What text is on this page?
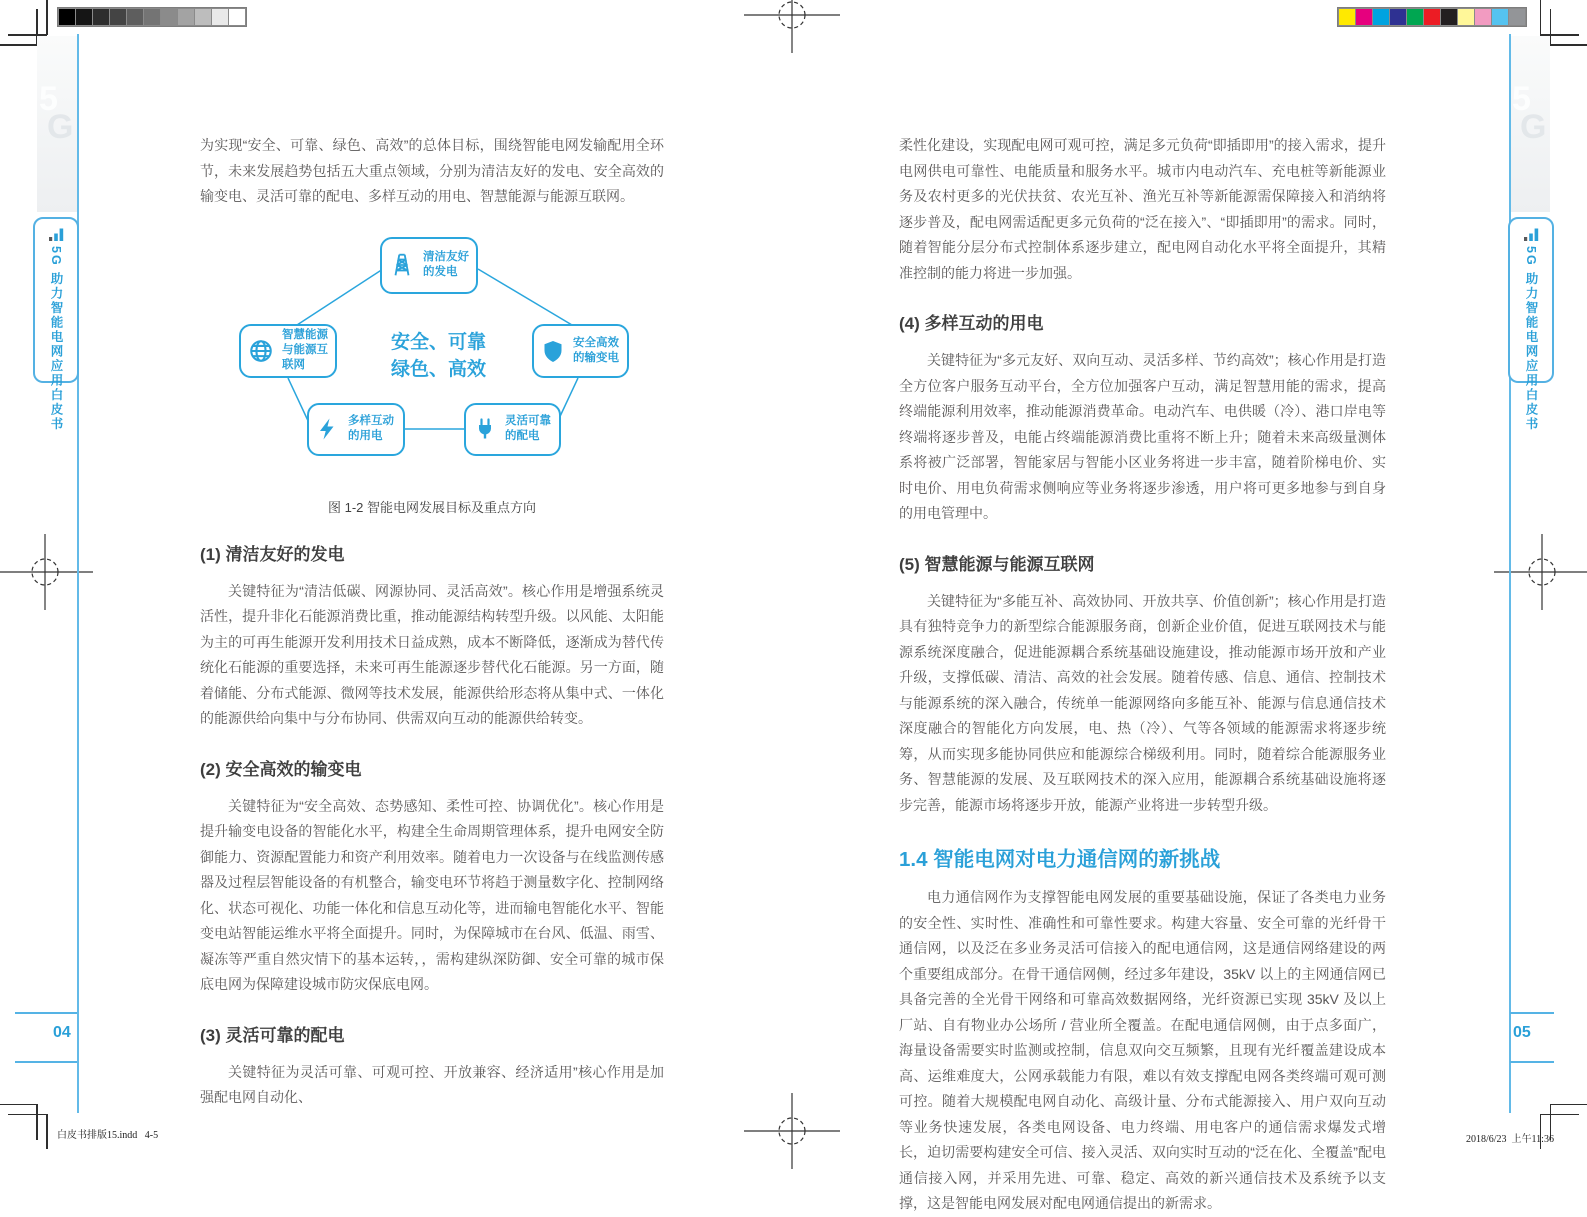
5
G
5
G
5G 助力智能电网应用白皮书	5G 助力智能电网应用白皮书
04	05
白皮书排版15.indd   4-5	2018/6/23  上午11:36

为实现“安全、可靠、绿色、高效”的总体目标，围绕智能电网发输配用全环节，未来发展趋势包括五大重点领域，分别为清洁友好的发电、安全高效的输变电、灵活可靠的配电、多样互动的用电、智慧能源与能源互联网。

清洁友好的发电
智慧能源与能源互联网
安全高效的输变电
多样互动的用电
灵活可靠的配电
安全、可靠
绿色、高效
图 1-2 智能电网发展目标及重点方向
(1) 清洁友好的发电

关键特征为“清洁低碳、网源协同、灵活高效”。核心作用是增强系统灵活性，提升非化石能源消费比重，推动能源结构转型升级。以风能、太阳能为主的可再生能源开发利用技术日益成熟，成本不断降低，逐渐成为替代传统化石能源的重要选择，未来可再生能源逐步替代化石能源。另一方面，随着储能、分布式能源、微网等技术发展，能源供给形态将从集中式、一体化的能源供给向集中与分布协同、供需双向互动的能源供给转变。

(2) 安全高效的输变电

关键特征为“安全高效、态势感知、柔性可控、协调优化”。核心作用是提升输变电设备的智能化水平，构建全生命周期管理体系，提升电网安全防御能力、资源配置能力和资产利用效率。随着电力一次设备与在线监测传感器及过程层智能设备的有机整合，输变电环节将趋于测量数字化、控制网络化、状态可视化、功能一体化和信息互动化等，进而输电智能化水平、智能变电站智能运维水平将全面提升。同时，为保障城市在台风、低温、雨雪、凝冻等严重自然灾情下的基本运转，，需构建纵深防御、安全可靠的城市保底电网为保障建设城市防灾保底电网。

(3) 灵活可靠的配电

关键特征为灵活可靠、可观可控、开放兼容、经济适用”核心作用是加强配电网自动化、

柔性化建设，实现配电网可观可控，满足多元负荷“即插即用”的接入需求，提升电网供电可靠性、电能质量和服务水平。城市内电动汽车、充电桩等新能源业务及农村更多的光伏扶贫、农光互补、渔光互补等新能源需保障接入和消纳将逐步普及，配电网需适配更多元负荷的“泛在接入”、“即插即用”的需求。同时，随着智能分层分布式控制体系逐步建立，配电网自动化水平将全面提升，其精准控制的能力将进一步加强。

(4) 多样互动的用电

关键特征为“多元友好、双向互动、灵活多样、节约高效”；核心作用是打造全方位客户服务互动平台，全方位加强客户互动，满足智慧用能的需求，提高终端能源利用效率，推动能源消费革命。电动汽车、电供暖（冷）、港口岸电等终端将逐步普及，电能占终端能源消费比重将不断上升；随着未来高级量测体系将被广泛部署，智能家居与智能小区业务将进一步丰富，随着阶梯电价、实时电价、用电负荷需求侧响应等业务将逐步渗透，用户将可更多地参与到自身的用电管理中。

(5) 智慧能源与能源互联网

关键特征为“多能互补、高效协同、开放共享、价值创新”；核心作用是打造具有独特竞争力的新型综合能源服务商，创新企业价值，促进互联网技术与能源系统深度融合，促进能源耦合系统基础设施建设，推动能源市场开放和产业升级，支撑低碳、清洁、高效的社会发展。随着传感、信息、通信、控制技术与能源系统的深入融合，传统单一能源网络向多能互补、能源与信息通信技术深度融合的智能化方向发展，电、热（冷）、气等各领域的能源需求将逐步统筹，从而实现多能协同供应和能源综合梯级利用。同时，随着综合能源服务业务、智慧能源的发展、及互联网技术的深入应用，能源耦合系统基础设施将逐步完善，能源市场将逐步开放，能源产业将进一步转型升级。

1.4 智能电网对电力通信网的新挑战

电力通信网作为支撑智能电网发展的重要基础设施，保证了各类电力业务的安全性、实时性、准确性和可靠性要求。构建大容量、安全可靠的光纤骨干通信网，以及泛在多业务灵活可信接入的配电通信网，这是通信网络建设的两个重要组成部分。在骨干通信网侧，经过多年建设，35kV 以上的主网通信网已具备完善的全光骨干网络和可靠高效数据网络，光纤资源已实现 35kV 及以上厂站、自有物业办公场所 / 营业所全覆盖。在配电通信网侧，由于点多面广，海量设备需要实时监测或控制，信息双向交互频繁，且现有光纤覆盖建设成本高、运维难度大，公网承载能力有限，难以有效支撑配电网各类终端可观可测可控。随着大规模配电网自动化、高级计量、分布式能源接入、用户双向互动等业务快速发展，各类电网设备、电力终端、用电客户的通信需求爆发式增长，迫切需要构建安全可信、接入灵活、双向实时互动的“泛在化、全覆盖”配电通信接入网，并采用先进、可靠、稳定、高效的新兴通信技术及系统予以支撑，这是智能电网发展对配电网通信提出的新需求。
